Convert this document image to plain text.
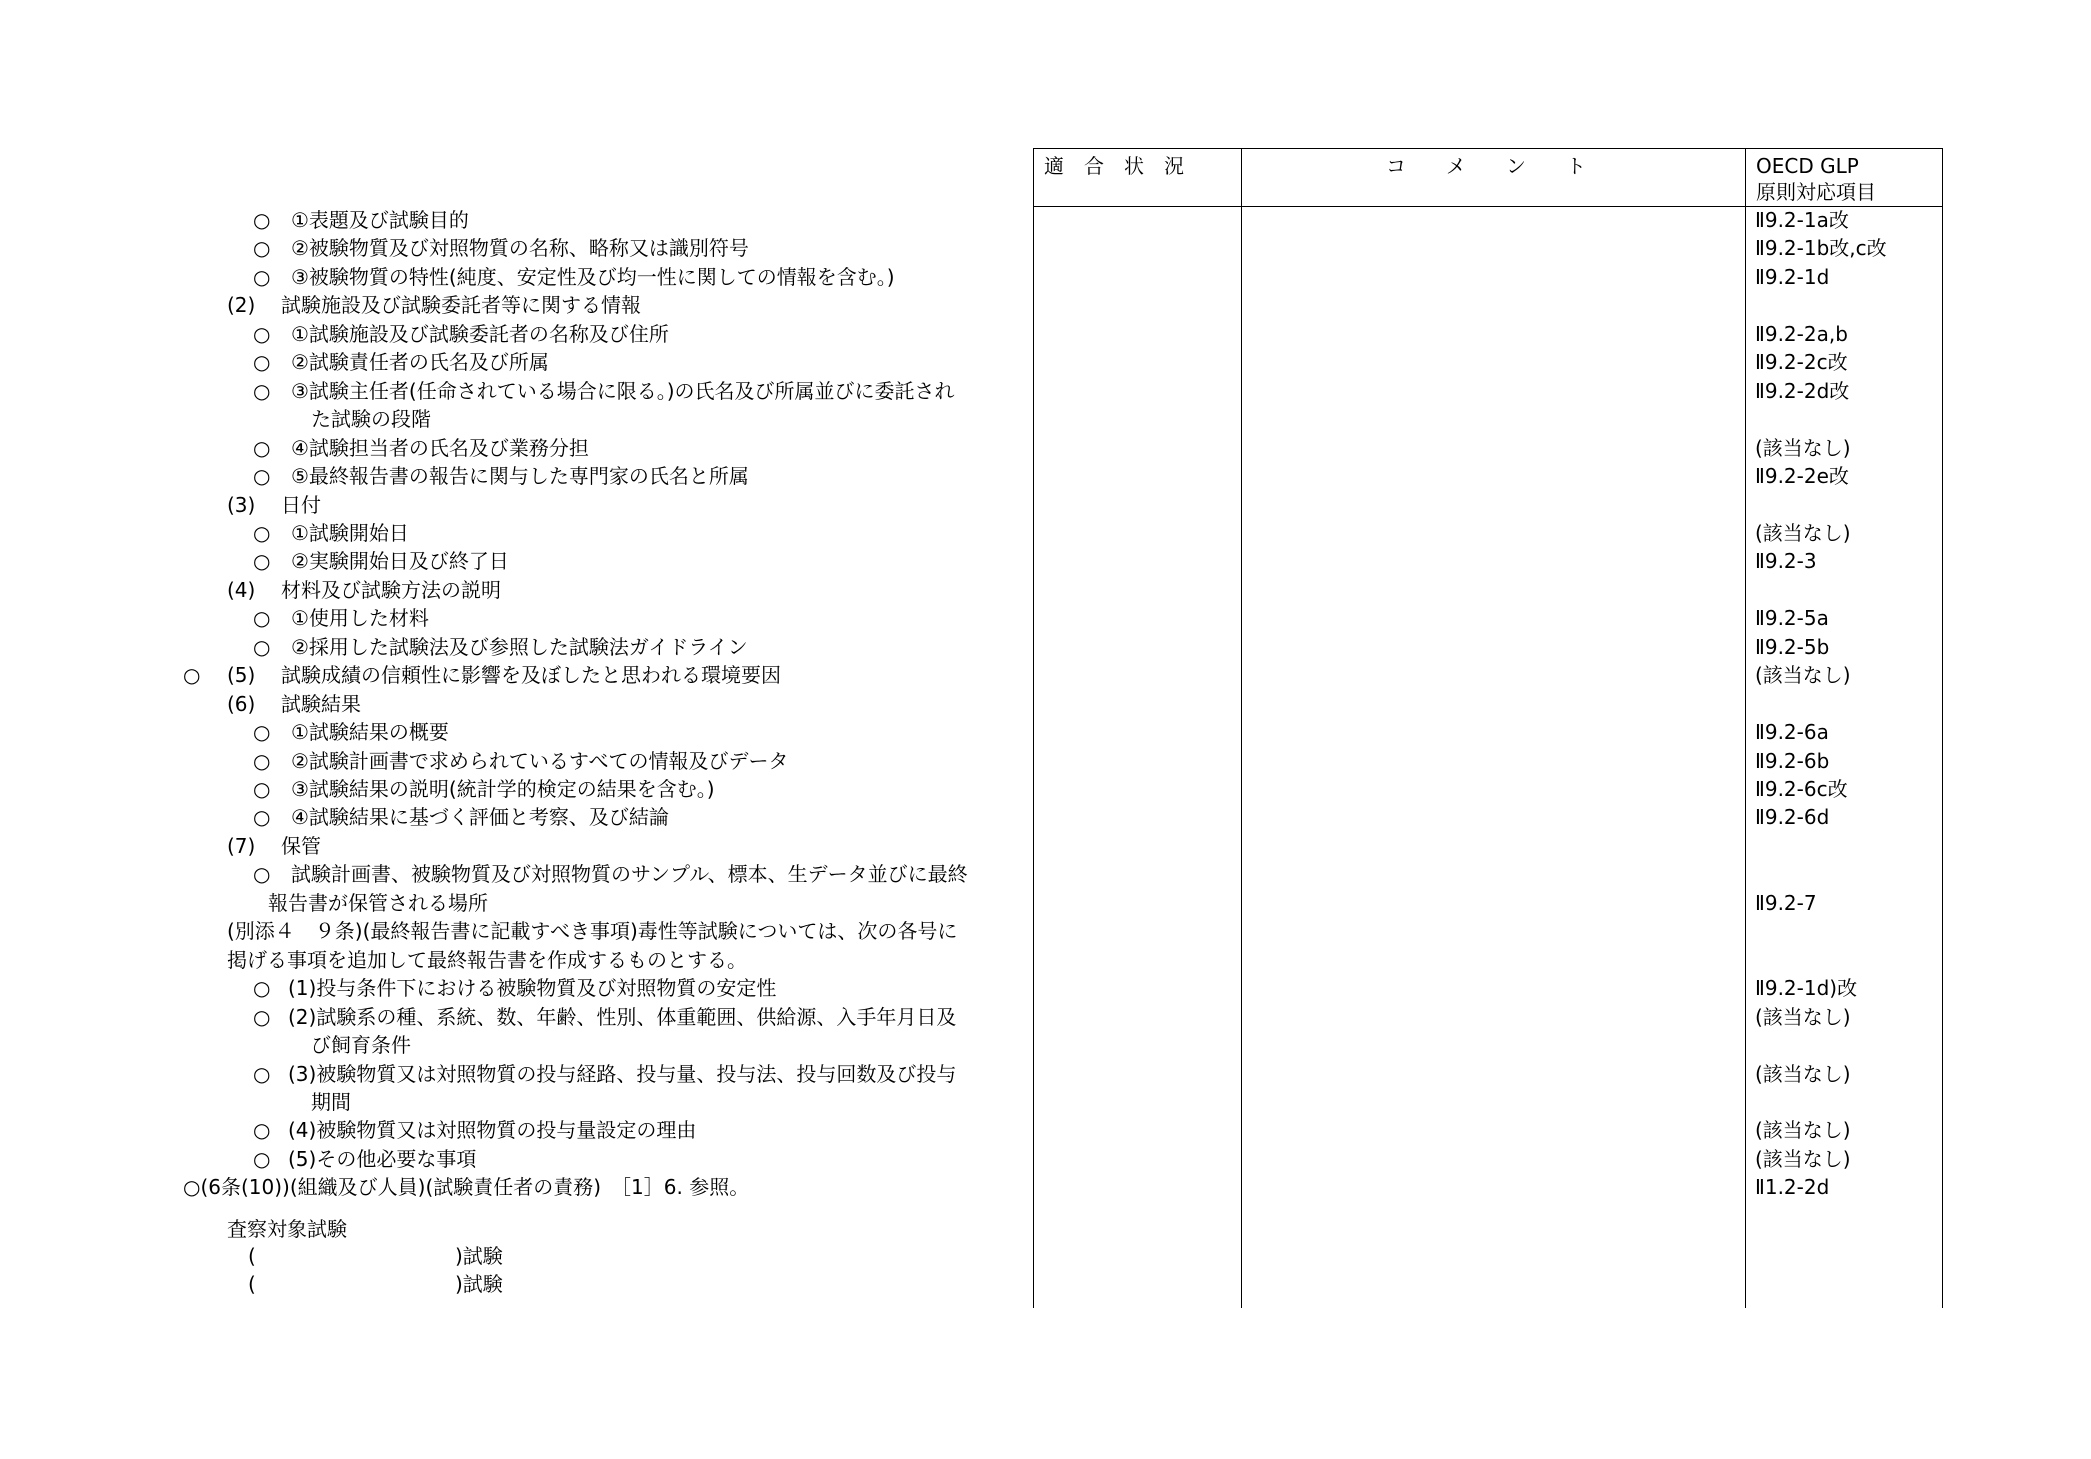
適　合　状　況	コ　　メ　　ン　　ト	OECD GLP
原則対応項目
○ ①表題及び試験目的	Ⅱ9.2-1a改
○ ②被験物質及び対照物質の名称、略称又は識別符号	Ⅱ9.2-1b改,c改
○ ③被験物質の特性(純度、安定性及び均一性に関しての情報を含む。)	Ⅱ9.2-1d
(2) 試験施設及び試験委託者等に関する情報
○ ①試験施設及び試験委託者の名称及び住所	Ⅱ9.2-2a,b
○ ②試験責任者の氏名及び所属	Ⅱ9.2-2c改
○ ③試験主任者(任命されている場合に限る。)の氏名及び所属並びに委託され	Ⅱ9.2-2d改
た試験の段階
○ ④試験担当者の氏名及び業務分担	(該当なし)
○ ⑤最終報告書の報告に関与した専門家の氏名と所属	Ⅱ9.2-2e改
(3) 日付
○ ①試験開始日	(該当なし)
○ ②実験開始日及び終了日	Ⅱ9.2-3
(4) 材料及び試験方法の説明
○ ①使用した材料	Ⅱ9.2-5a
○ ②採用した試験法及び参照した試験法ガイドライン	Ⅱ9.2-5b
○ (5) 試験成績の信頼性に影響を及ぼしたと思われる環境要因	(該当なし)
(6) 試験結果
○ ①試験結果の概要	Ⅱ9.2-6a
○ ②試験計画書で求められているすべての情報及びデータ	Ⅱ9.2-6b
○ ③試験結果の説明(統計学的検定の結果を含む。)	Ⅱ9.2-6c改
○ ④試験結果に基づく評価と考察、及び結論	Ⅱ9.2-6d
(7) 保管
○ 試験計画書、被験物質及び対照物質のサンプル、標本、生データ並びに最終
報告書が保管される場所	Ⅱ9.2-7
(別添４　９条)(最終報告書に記載すべき事項)毒性等試験については、次の各号に
掲げる事項を追加して最終報告書を作成するものとする。
○ (1)投与条件下における被験物質及び対照物質の安定性	Ⅱ9.2-1d)改
○ (2)試験系の種、系統、数、年齢、性別、体重範囲、供給源、入手年月日及	(該当なし)
び飼育条件
○ (3)被験物質又は対照物質の投与経路、投与量、投与法、投与回数及び投与	(該当なし)
期間
○ (4)被験物質又は対照物質の投与量設定の理由	(該当なし)
○ (5)その他必要な事項	(該当なし)
○(6条(10))(組織及び人員)(試験責任者の責務)　［1］6. 参照。	Ⅱ1.2-2d
査察対象試験
(	)試験
(	)試験
